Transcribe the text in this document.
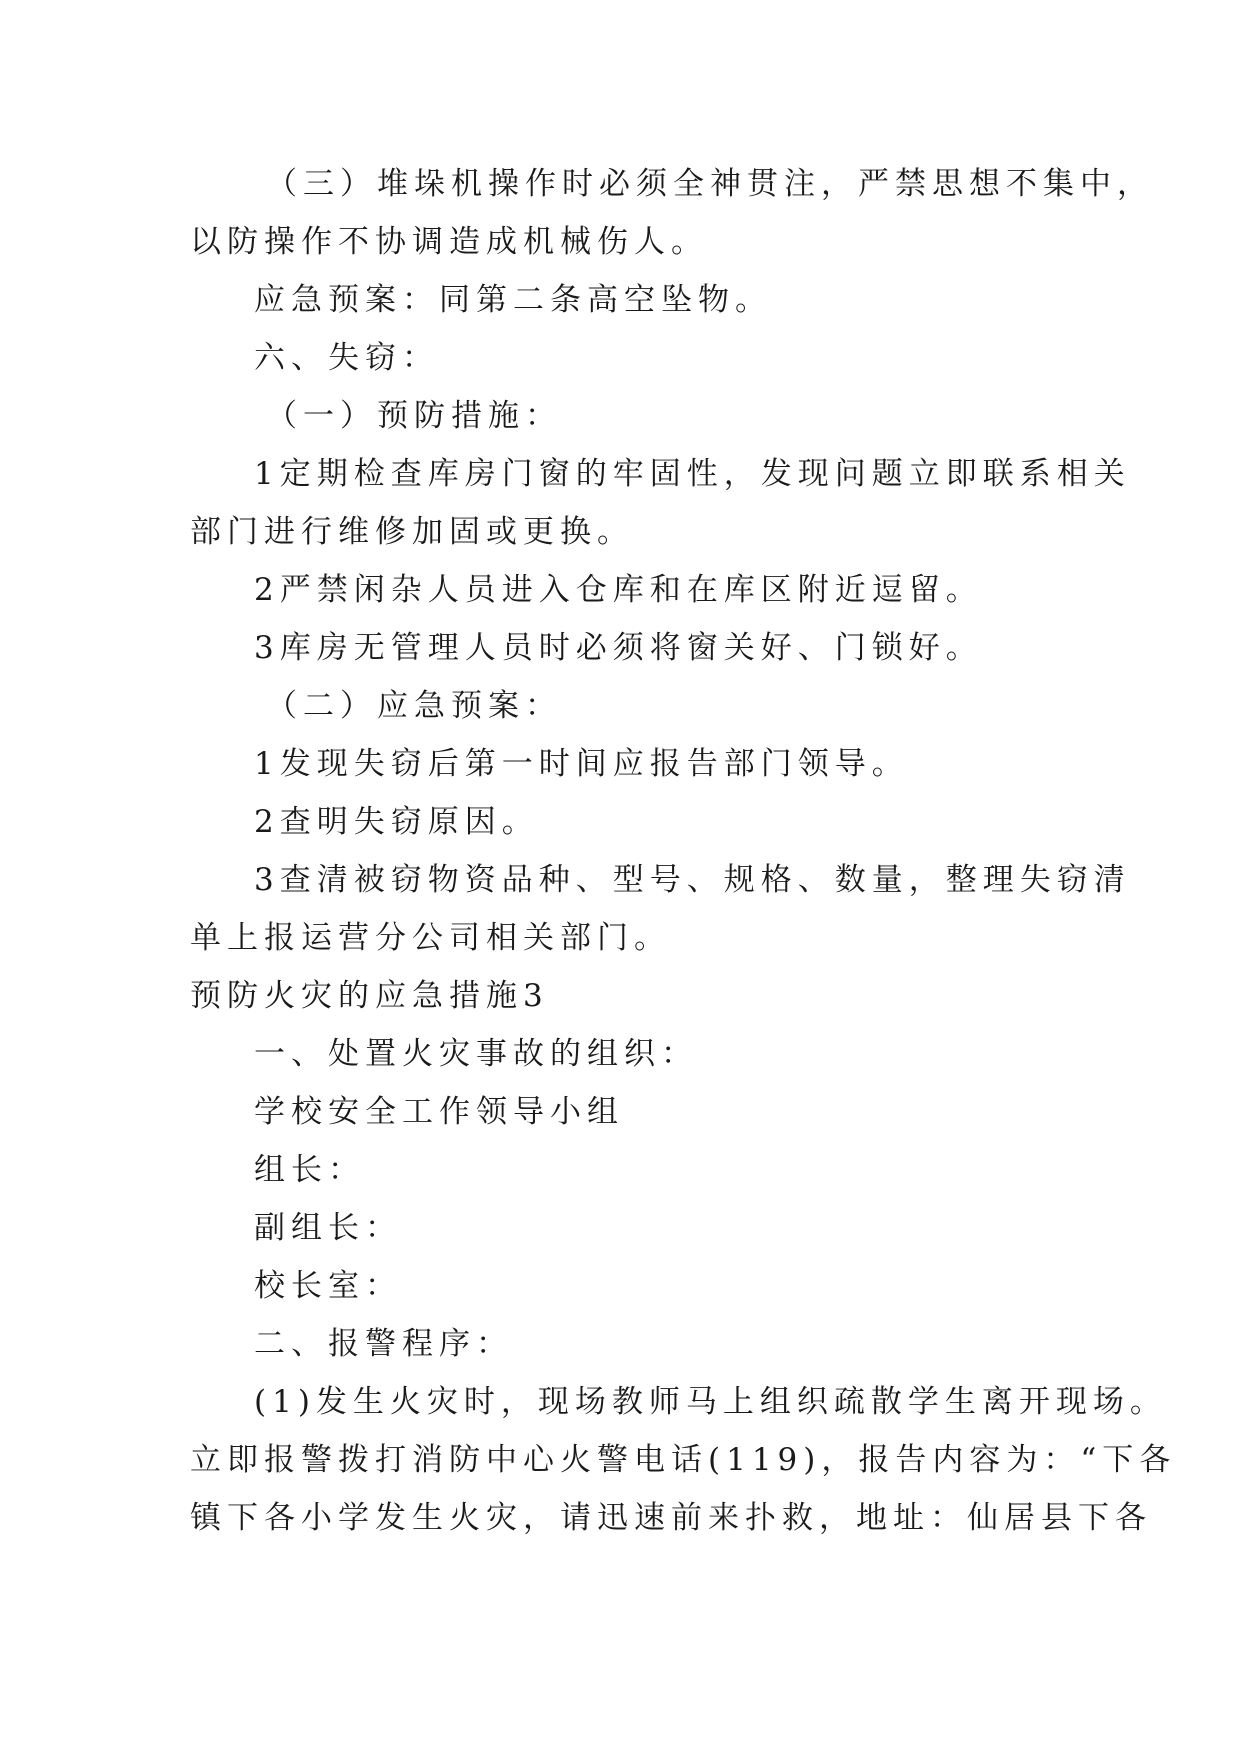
（三）堆垛机操作时必须全神贯注，严禁思想不集中，

以防操作不协调造成机械伤人。

应急预案：同第二条高空坠物。

六、失窃：

（一）预防措施：

1定期检查库房门窗的牢固性，发现问题立即联系相关

部门进行维修加固或更换。

2严禁闲杂人员进入仓库和在库区附近逗留。

3库房无管理人员时必须将窗关好、门锁好。

（二）应急预案：

1发现失窃后第一时间应报告部门领导。

2查明失窃原因。

3查清被窃物资品种、型号、规格、数量，整理失窃清

单上报运营分公司相关部门。

预防火灾的应急措施3

一、处置火灾事故的组织：

学校安全工作领导小组

组长：

副组长：

校长室：

二、报警程序：

(1)发生火灾时，现场教师马上组织疏散学生离开现场。

立即报警拨打消防中心火警电话(119)，报告内容为：“下各

镇下各小学发生火灾，请迅速前来扑救，地址：仙居县下各
